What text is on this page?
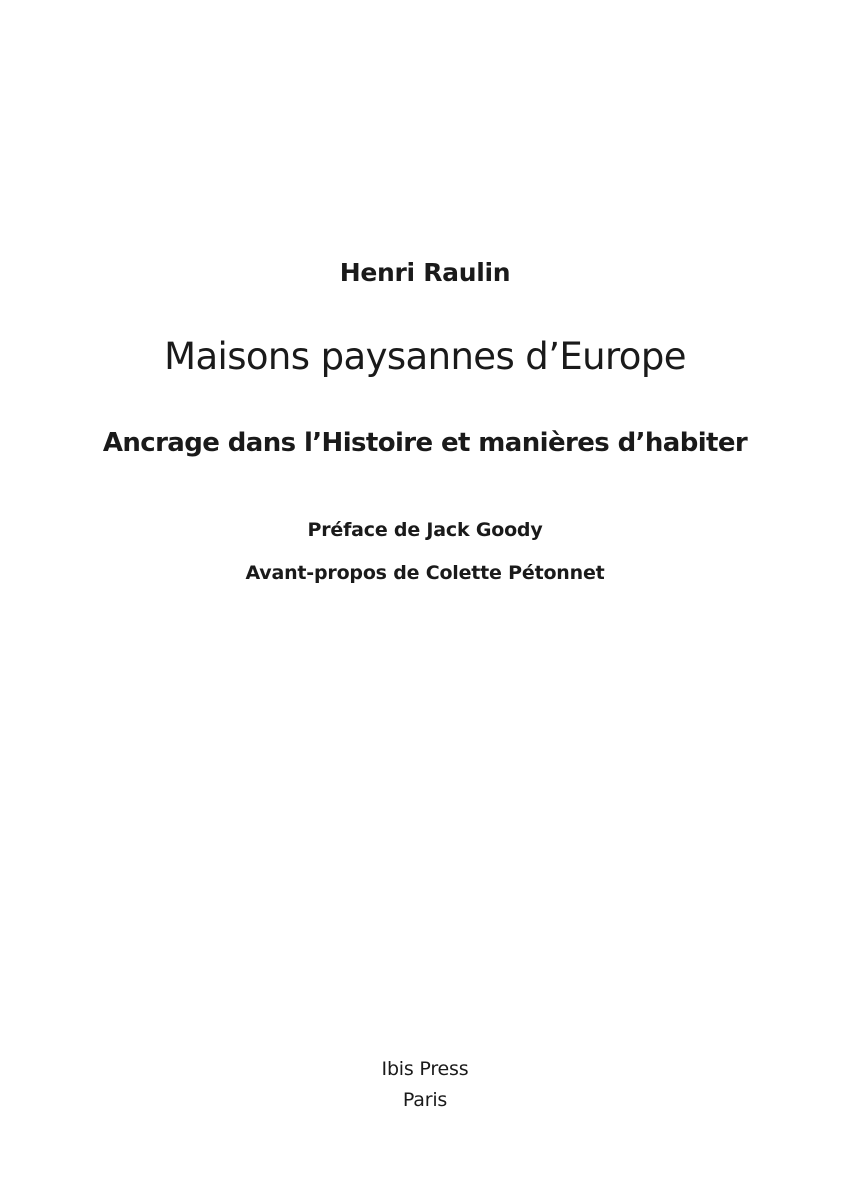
Henri Raulin
Maisons paysannes d’Europe
Ancrage dans l’Histoire et manières d’habiter
Préface de Jack Goody
Avant-propos de Colette Pétonnet
Ibis Press
Paris
